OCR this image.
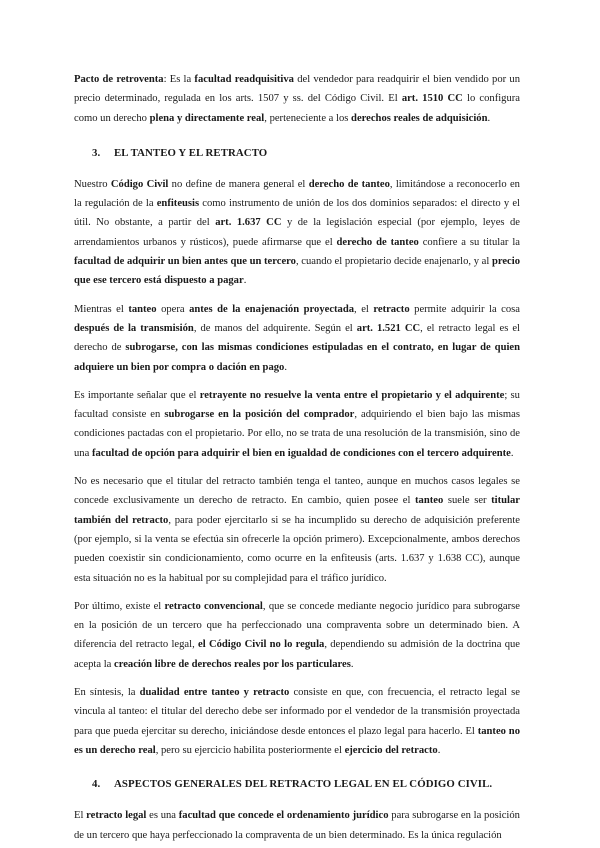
Pacto de retroventa: Es la facultad readquisitiva del vendedor para readquirir el bien vendido por un precio determinado, regulada en los arts. 1507 y ss. del Código Civil. El art. 1510 CC lo configura como un derecho plena y directamente real, perteneciente a los derechos reales de adquisición.

3. EL TANTEO Y EL RETRACTO

Nuestro Código Civil no define de manera general el derecho de tanteo, limitándose a reconocerlo en la regulación de la enfiteusis como instrumento de unión de los dos dominios separados: el directo y el útil. No obstante, a partir del art. 1.637 CC y de la legislación especial (por ejemplo, leyes de arrendamientos urbanos y rústicos), puede afirmarse que el derecho de tanteo confiere a su titular la facultad de adquirir un bien antes que un tercero, cuando el propietario decide enajenarlo, y al precio que ese tercero está dispuesto a pagar.

Mientras el tanteo opera antes de la enajenación proyectada, el retracto permite adquirir la cosa después de la transmisión, de manos del adquirente. Según el art. 1.521 CC, el retracto legal es el derecho de subrogarse, con las mismas condiciones estipuladas en el contrato, en lugar de quien adquiere un bien por compra o dación en pago.

Es importante señalar que el retrayente no resuelve la venta entre el propietario y el adquirente; su facultad consiste en subrogarse en la posición del comprador, adquiriendo el bien bajo las mismas condiciones pactadas con el propietario. Por ello, no se trata de una resolución de la transmisión, sino de una facultad de opción para adquirir el bien en igualdad de condiciones con el tercero adquirente.

No es necesario que el titular del retracto también tenga el tanteo, aunque en muchos casos legales se concede exclusivamente un derecho de retracto. En cambio, quien posee el tanteo suele ser titular también del retracto, para poder ejercitarlo si se ha incumplido su derecho de adquisición preferente (por ejemplo, si la venta se efectúa sin ofrecerle la opción primero). Excepcionalmente, ambos derechos pueden coexistir sin condicionamiento, como ocurre en la enfiteusis (arts. 1.637 y 1.638 CC), aunque esta situación no es la habitual por su complejidad para el tráfico jurídico.

Por último, existe el retracto convencional, que se concede mediante negocio jurídico para subrogarse en la posición de un tercero que ha perfeccionado una compraventa sobre un determinado bien. A diferencia del retracto legal, el Código Civil no lo regula, dependiendo su admisión de la doctrina que acepta la creación libre de derechos reales por los particulares.

En síntesis, la dualidad entre tanteo y retracto consiste en que, con frecuencia, el retracto legal se vincula al tanteo: el titular del derecho debe ser informado por el vendedor de la transmisión proyectada para que pueda ejercitar su derecho, iniciándose desde entonces el plazo legal para hacerlo. El tanteo no es un derecho real, pero su ejercicio habilita posteriormente el ejercicio del retracto.

4. ASPECTOS GENERALES DEL RETRACTO LEGAL EN EL CÓDIGO CIVIL.

El retracto legal es una facultad que concede el ordenamiento jurídico para subrogarse en la posición de un tercero que haya perfeccionado la compraventa de un bien determinado. Es la única regulación
